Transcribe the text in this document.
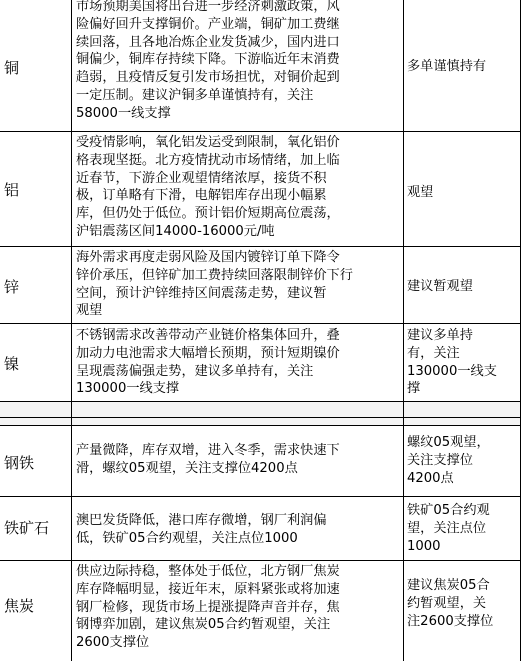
铜
市场预期美国将出台进一步经济刺激政策，风
险偏好回升支撑铜价。产业端，铜矿加工费继
续回落，且各地冶炼企业发货减少，国内进口
铜偏少，铜库存持续下降。下游临近年末消费
趋弱，且疫情反复引发市场担忧，对铜价起到
一定压制。建议沪铜多单谨慎持有，关注
58000一线支撑
多单谨慎持有
铝
受疫情影响，氧化铝发运受到限制，氧化铝价
格表现坚挺。北方疫情扰动市场情绪，加上临
近春节，下游企业观望情绪浓厚，接货不积
极，订单略有下滑，电解铝库存出现小幅累
库，但仍处于低位。预计铝价短期高位震荡，
沪铝震荡区间14000-16000元/吨
观望
锌
海外需求再度走弱风险及国内镀锌订单下降令
锌价承压，但锌矿加工费持续回落限制锌价下行
空间，预计沪锌维持区间震荡走势，建议暂
观望
建议暂观望
镍
不锈钢需求改善带动产业链价格集体回升，叠
加动力电池需求大幅增长预期，预计短期镍价
呈现震荡偏强走势，建议多单持有，关注
130000一线支撑
建议多单持
有，关注
130000一线支
撑
钢铁
产量微降，库存双增，进入冬季，需求快速下
滑，螺纹05观望，关注支撑位4200点
螺纹05观望，
关注支撑位
4200点
铁矿石 澳巴发货降低，港口库存微增，钢厂利润偏
低，铁矿05合约观望，关注点位1000
铁矿05合约观
望，关注点位
1000
焦炭
供应边际持稳，整体处于低位，北方钢厂焦炭
库存降幅明显，接近年末，原料紧张或将加速
钢厂检修，现货市场上提涨提降声音并存，焦
钢博弈加剧，建议焦炭05合约暂观望，关注
2600支撑位
建议焦炭05合
约暂观望，关
注2600支撑位
